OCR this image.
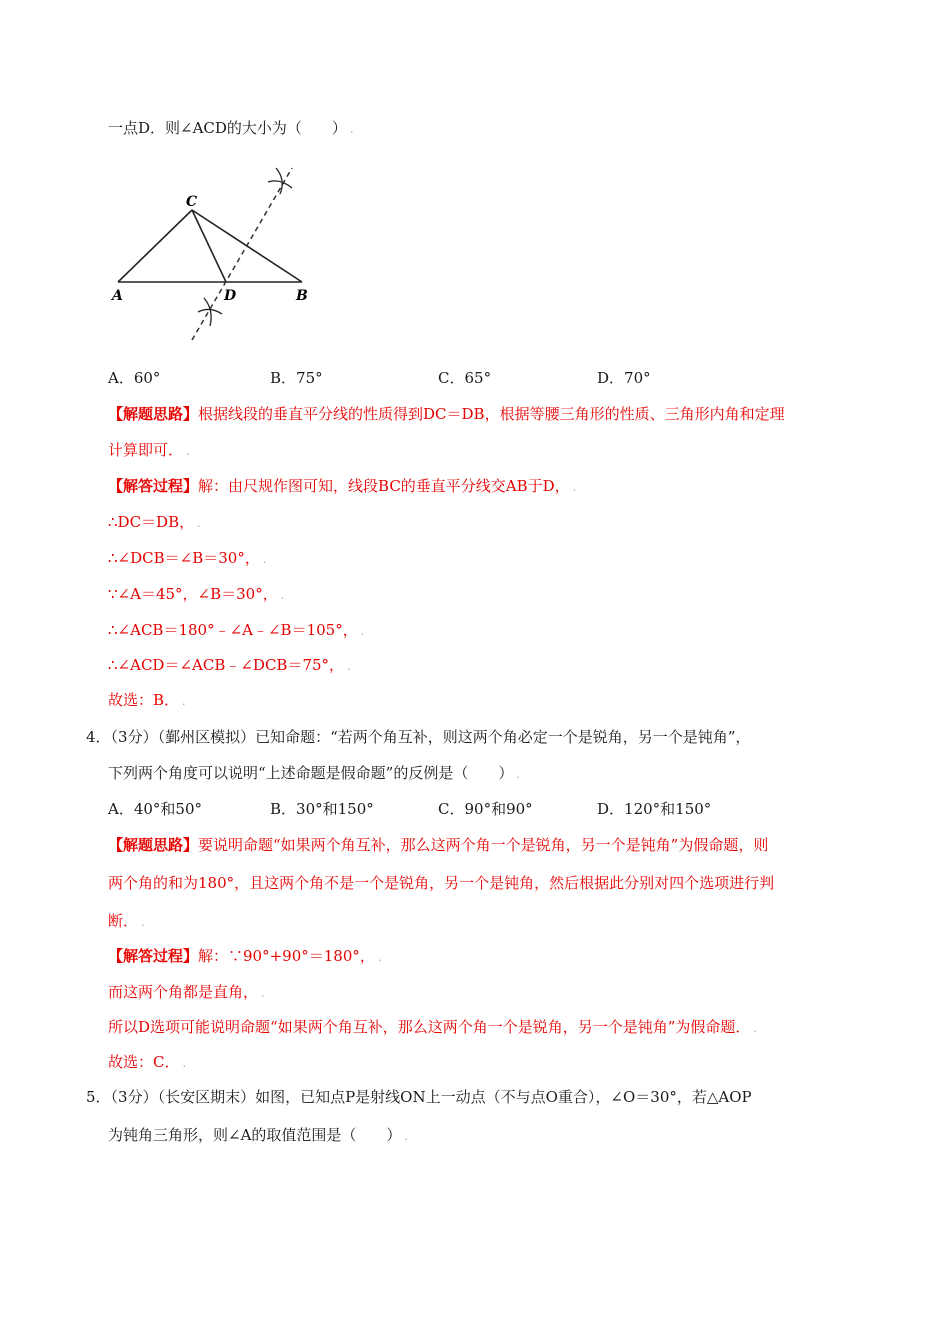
一点D．则∠ACD的大小为（　　） .
C
A	D	B
A．60°	B．75°	C．65°	D．70°
【解题思路】根据线段的垂直平分线的性质得到DC＝DB，根据等腰三角形的性质、三角形内角和定理
计算即可． .
【解答过程】解：由尺规作图可知，线段BC的垂直平分线交AB于D， .
∴DC＝DB， .
∴∠DCB＝∠B＝30°， .
∵∠A＝45°，∠B＝30°， .
∴∠ACB＝180°﹣∠A﹣∠B＝105°， .
∴∠ACD＝∠ACB﹣∠DCB＝75°， .
故选：B． .
4．（3分）（鄞州区模拟）已知命题：“若两个角互补，则这两个角必定一个是锐角，另一个是钝角”，
下列两个角度可以说明“上述命题是假命题”的反例是（　　） .
A．40°和50°	B．30°和150°	C．90°和90°	D．120°和150°
【解题思路】要说明命题“如果两个角互补，那么这两个角一个是锐角，另一个是钝角”为假命题，则
两个角的和为180°，且这两个角不是一个是锐角，另一个是钝角，然后根据此分别对四个选项进行判
断． .
【解答过程】解：∵90°+90°＝180°， .
而这两个角都是直角， .
所以D选项可能说明命题“如果两个角互补，那么这两个角一个是锐角，另一个是钝角”为假命题． .
故选：C． .
5．（3分）（长安区期末）如图，已知点P是射线ON上一动点（不与点O重合），∠O＝30°，若△AOP
为钝角三角形，则∠A的取值范围是（　　） .
